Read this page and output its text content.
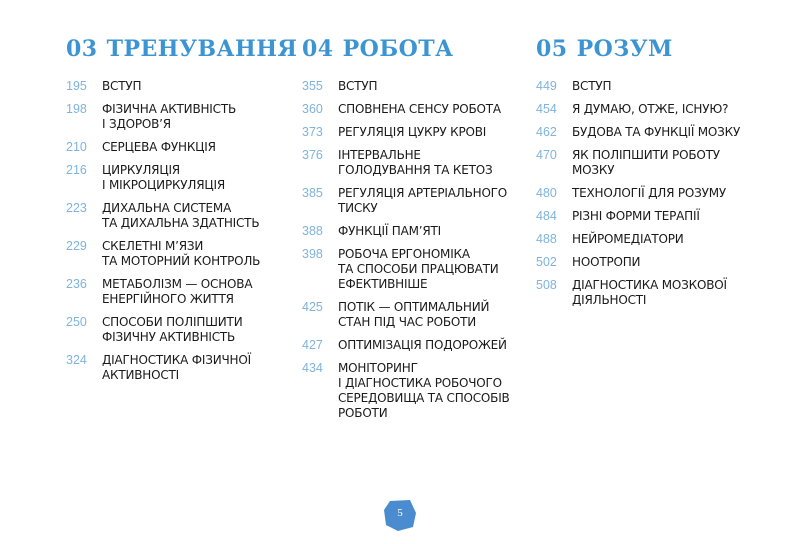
03 ТРЕНУВАННЯ
195	ВСТУП
198	ФІЗИЧНА АКТИВНІСТЬ
І ЗДОРОВ’Я
210	СЕРЦЕВА ФУНКЦІЯ
216	ЦИРКУЛЯЦІЯ
І МІКРОЦИРКУЛЯЦІЯ
223	ДИХАЛЬНА СИСТЕМА
ТА ДИХАЛЬНА ЗДАТНІСТЬ
229	СКЕЛЕТНІ М’ЯЗИ
ТА МОТОРНИЙ КОНТРОЛЬ
236	МЕТАБОЛІЗМ — ОСНОВА
ЕНЕРГІЙНОГО ЖИТТЯ
250	СПОСОБИ ПОЛІПШИТИ
ФІЗИЧНУ АКТИВНІСТЬ
324	ДІАГНОСТИКА ФІЗИЧНОЇ
АКТИВНОСТІ
04 РОБОТА
355	ВСТУП
360	СПОВНЕНА СЕНСУ РОБОТА
373	РЕГУЛЯЦІЯ ЦУКРУ КРОВІ
376	ІНТЕРВАЛЬНЕ
ГОЛОДУВАННЯ ТА КЕТОЗ
385	РЕГУЛЯЦІЯ АРТЕРІАЛЬНОГО
ТИСКУ
388	ФУНКЦІЇ ПАМ’ЯТІ
398	РОБОЧА ЕРГОНОМІКА
ТА СПОСОБИ ПРАЦЮВАТИ
ЕФЕКТИВНІШЕ
425	ПОТІК — ОПТИМАЛЬНИЙ
СТАН ПІД ЧАС РОБОТИ
427	ОПТИМІЗАЦІЯ ПОДОРОЖЕЙ
434	МОНІТОРИНГ
І ДІАГНОСТИКА РОБОЧОГО
СЕРЕДОВИЩА ТА СПОСОБІВ
РОБОТИ
05 РОЗУМ
449	ВСТУП
454	Я ДУМАЮ, ОТЖЕ, ІСНУЮ?
462	БУДОВА ТА ФУНКЦІЇ МОЗКУ
470	ЯК ПОЛІПШИТИ РОБОТУ
МОЗКУ
480	ТЕХНОЛОГІЇ ДЛЯ РОЗУМУ
484	РІЗНІ ФОРМИ ТЕРАПІЇ
488	НЕЙРОМЕДІАТОРИ
502	НООТРОПИ
508	ДІАГНОСТИКА МОЗКОВОЇ
ДІЯЛЬНОСТІ
5
